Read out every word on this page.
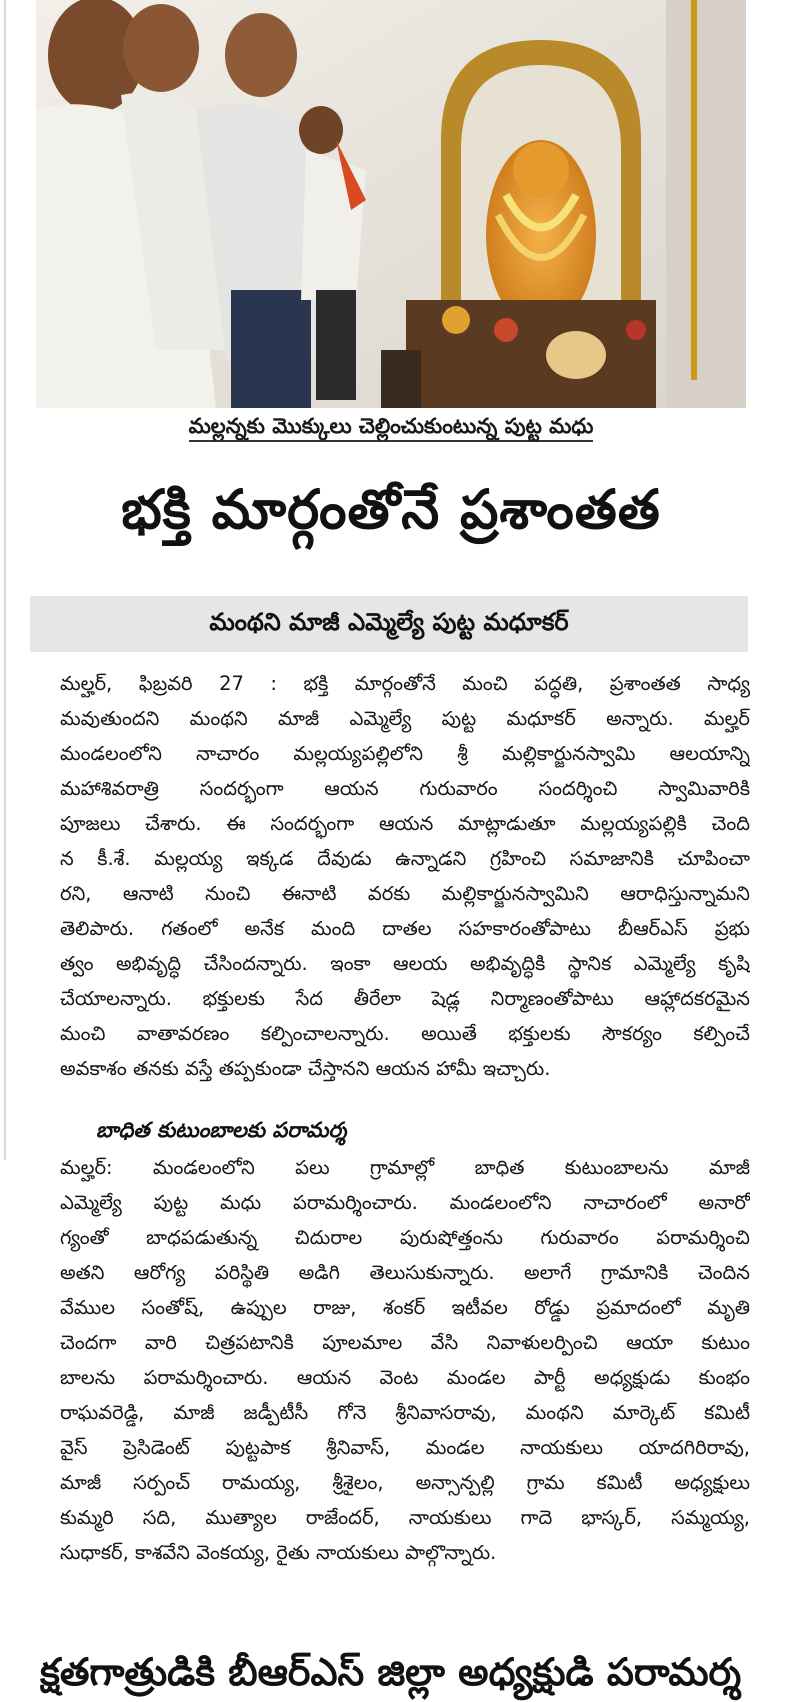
మల్లన్నకు మొక్కులు చెల్లించుకుంటున్న పుట్ట మధు
భక్తి మార్గంతోనే ప్రశాంతత
మంథని మాజీ ఎమ్మెల్యే పుట్ట మధూకర్
మల్హర్, ఫిబ్రవరి 27 : భక్తి మార్గంతోనే మంచి పద్ధతి, ప్రశాంతత సాధ్య
మవుతుందని మంథని మాజీ ఎమ్మెల్యే పుట్ట మధూకర్ అన్నారు. మల్హర్
మండలంలోని నాచారం మల్లయ్యపల్లిలోని శ్రీ మల్లికార్జునస్వామి ఆలయాన్ని
మహాశివరాత్రి సందర్భంగా ఆయన గురువారం సందర్శించి స్వామివారికి
పూజలు చేశారు. ఈ సందర్భంగా ఆయన మాట్లాడుతూ మల్లయ్యపల్లికి చెంది
న కీ.శే. మల్లయ్య ఇక్కడ దేవుడు ఉన్నాడని గ్రహించి సమాజానికి చూపించా
రని, ఆనాటి నుంచి ఈనాటి వరకు మల్లికార్జునస్వామిని ఆరాధిస్తున్నామని
తెలిపారు. గతంలో అనేక మంది దాతల సహకారంతోపాటు బీఆర్ఎస్ ప్రభు
త్వం అభివృద్ధి చేసిందన్నారు. ఇంకా ఆలయ అభివృద్ధికి స్థానిక ఎమ్మెల్యే కృషి
చేయాలన్నారు. భక్తులకు సేద తీరేలా షెడ్ల నిర్మాణంతోపాటు ఆహ్లాదకరమైన
మంచి వాతావరణం కల్పించాలన్నారు. అయితే భక్తులకు సౌకర్యం కల్పించే
అవకాశం తనకు వస్తే తప్పకుండా చేస్తానని ఆయన హామీ ఇచ్చారు.
బాధిత కుటుంబాలకు పరామర్శ
మల్హర్: మండలంలోని పలు గ్రామాల్లో బాధిత కుటుంబాలను మాజీ
ఎమ్మెల్యే పుట్ట మధు పరామర్శించారు. మండలంలోని నాచారంలో అనారో
గ్యంతో బాధపడుతున్న చిదురాల పురుషోత్తంను గురువారం పరామర్శించి
అతని ఆరోగ్య పరిస్థితి అడిగి తెలుసుకున్నారు. అలాగే గ్రామానికి చెందిన
వేముల సంతోష్, ఉప్పుల రాజు, శంకర్ ఇటీవల రోడ్డు ప్రమాదంలో మృతి
చెందగా వారి చిత్రపటానికి పూలమాల వేసి నివాళులర్పించి ఆయా కుటుం
బాలను పరామర్శించారు. ఆయన వెంట మండల పార్టీ అధ్యక్షుడు కుంభం
రాఘవరెడ్డి, మాజీ జడ్పీటీసీ గోనె శ్రీనివాసరావు, మంథని మార్కెట్ కమిటీ
వైస్ ప్రెసిడెంట్ పుట్టపాక శ్రీనివాస్, మండల నాయకులు యాదగిరిరావు,
మాజీ సర్పంచ్ రామయ్య, శ్రీశైలం, అన్సాన్పల్లి గ్రామ కమిటీ అధ్యక్షులు
కుమ్మరి సది, ముత్యాల రాజేందర్, నాయకులు గాదె భాస్కర్, సమ్మయ్య,
సుధాకర్, కాశవేని వెంకయ్య, రైతు నాయకులు పాల్గొన్నారు.
క్షతగాత్రుడికి బీఆర్ఎస్ జిల్లా అధ్యక్షుడి పరామర్శ
